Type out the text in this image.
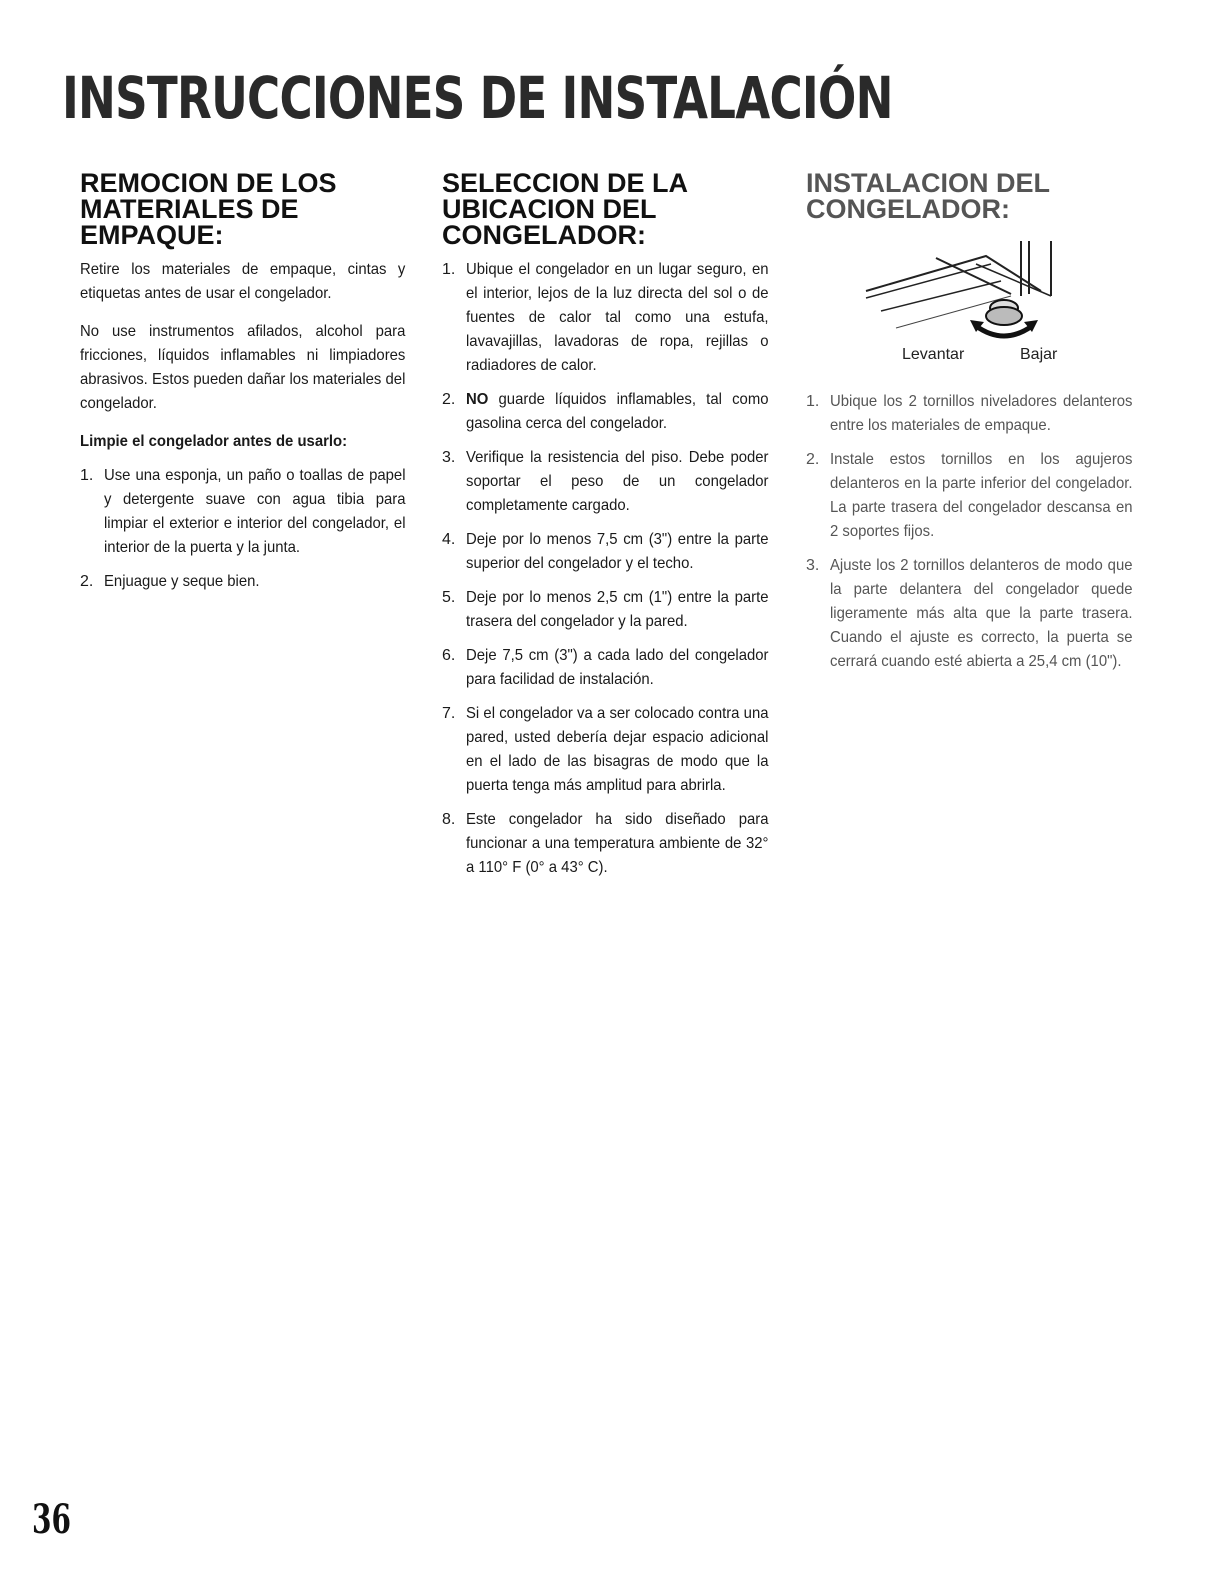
INSTRUCCIONES DE INSTALACIÓN
REMOCION DE LOS MATERIALES DE EMPAQUE:

Retire los materiales de empaque, cintas y etiquetas antes de usar el congelador.

No use instrumentos afilados, alcohol para fricciones, líquidos inflamables ni limpiadores abrasivos. Estos pueden dañar los materiales del congelador.

Limpie el congelador antes de usarlo:
1. Use una esponja, un paño o toallas de papel y detergente suave con agua tibia para limpiar el exterior e interior del congelador, el interior de la puerta y la junta.
2. Enjuague y seque bien.
SELECCION DE LA UBICACION DEL CONGELADOR:
1. Ubique el congelador en un lugar seguro, en el interior, lejos de la luz directa del sol o de fuentes de calor tal como una estufa, lavavajillas, lavadoras de ropa, rejillas o radiadores de calor.
2. NO guarde líquidos inflamables, tal como gasolina cerca del congelador.
3. Verifique la resistencia del piso. Debe poder soportar el peso de un congelador completamente cargado.
4. Deje por lo menos 7,5 cm (3") entre la parte superior del congelador y el techo.
5. Deje por lo menos 2,5 cm (1") entre la parte trasera del congelador y la pared.
6. Deje 7,5 cm (3") a cada lado del congelador para facilidad de instalación.
7. Si el congelador va a ser colocado contra una pared, usted debería dejar espacio adicional en el lado de las bisagras de modo que la puerta tenga más amplitud para abrirla.
8. Este congelador ha sido diseñado para funcionar a una temperatura ambiente de 32° a 110° F (0° a 43° C).
INSTALACION DEL CONGELADOR:
Levantar	Bajar
1. Ubique los 2 tornillos niveladores delanteros entre los materiales de empaque.
2. Instale estos tornillos en los agujeros delanteros en la parte inferior del congelador. La parte trasera del congelador descansa en 2 soportes fijos.
3. Ajuste los 2 tornillos delanteros de modo que la parte delantera del congelador quede ligeramente más alta que la parte trasera. Cuando el ajuste es correcto, la puerta se cerrará cuando esté abierta a 25,4 cm (10").
36
